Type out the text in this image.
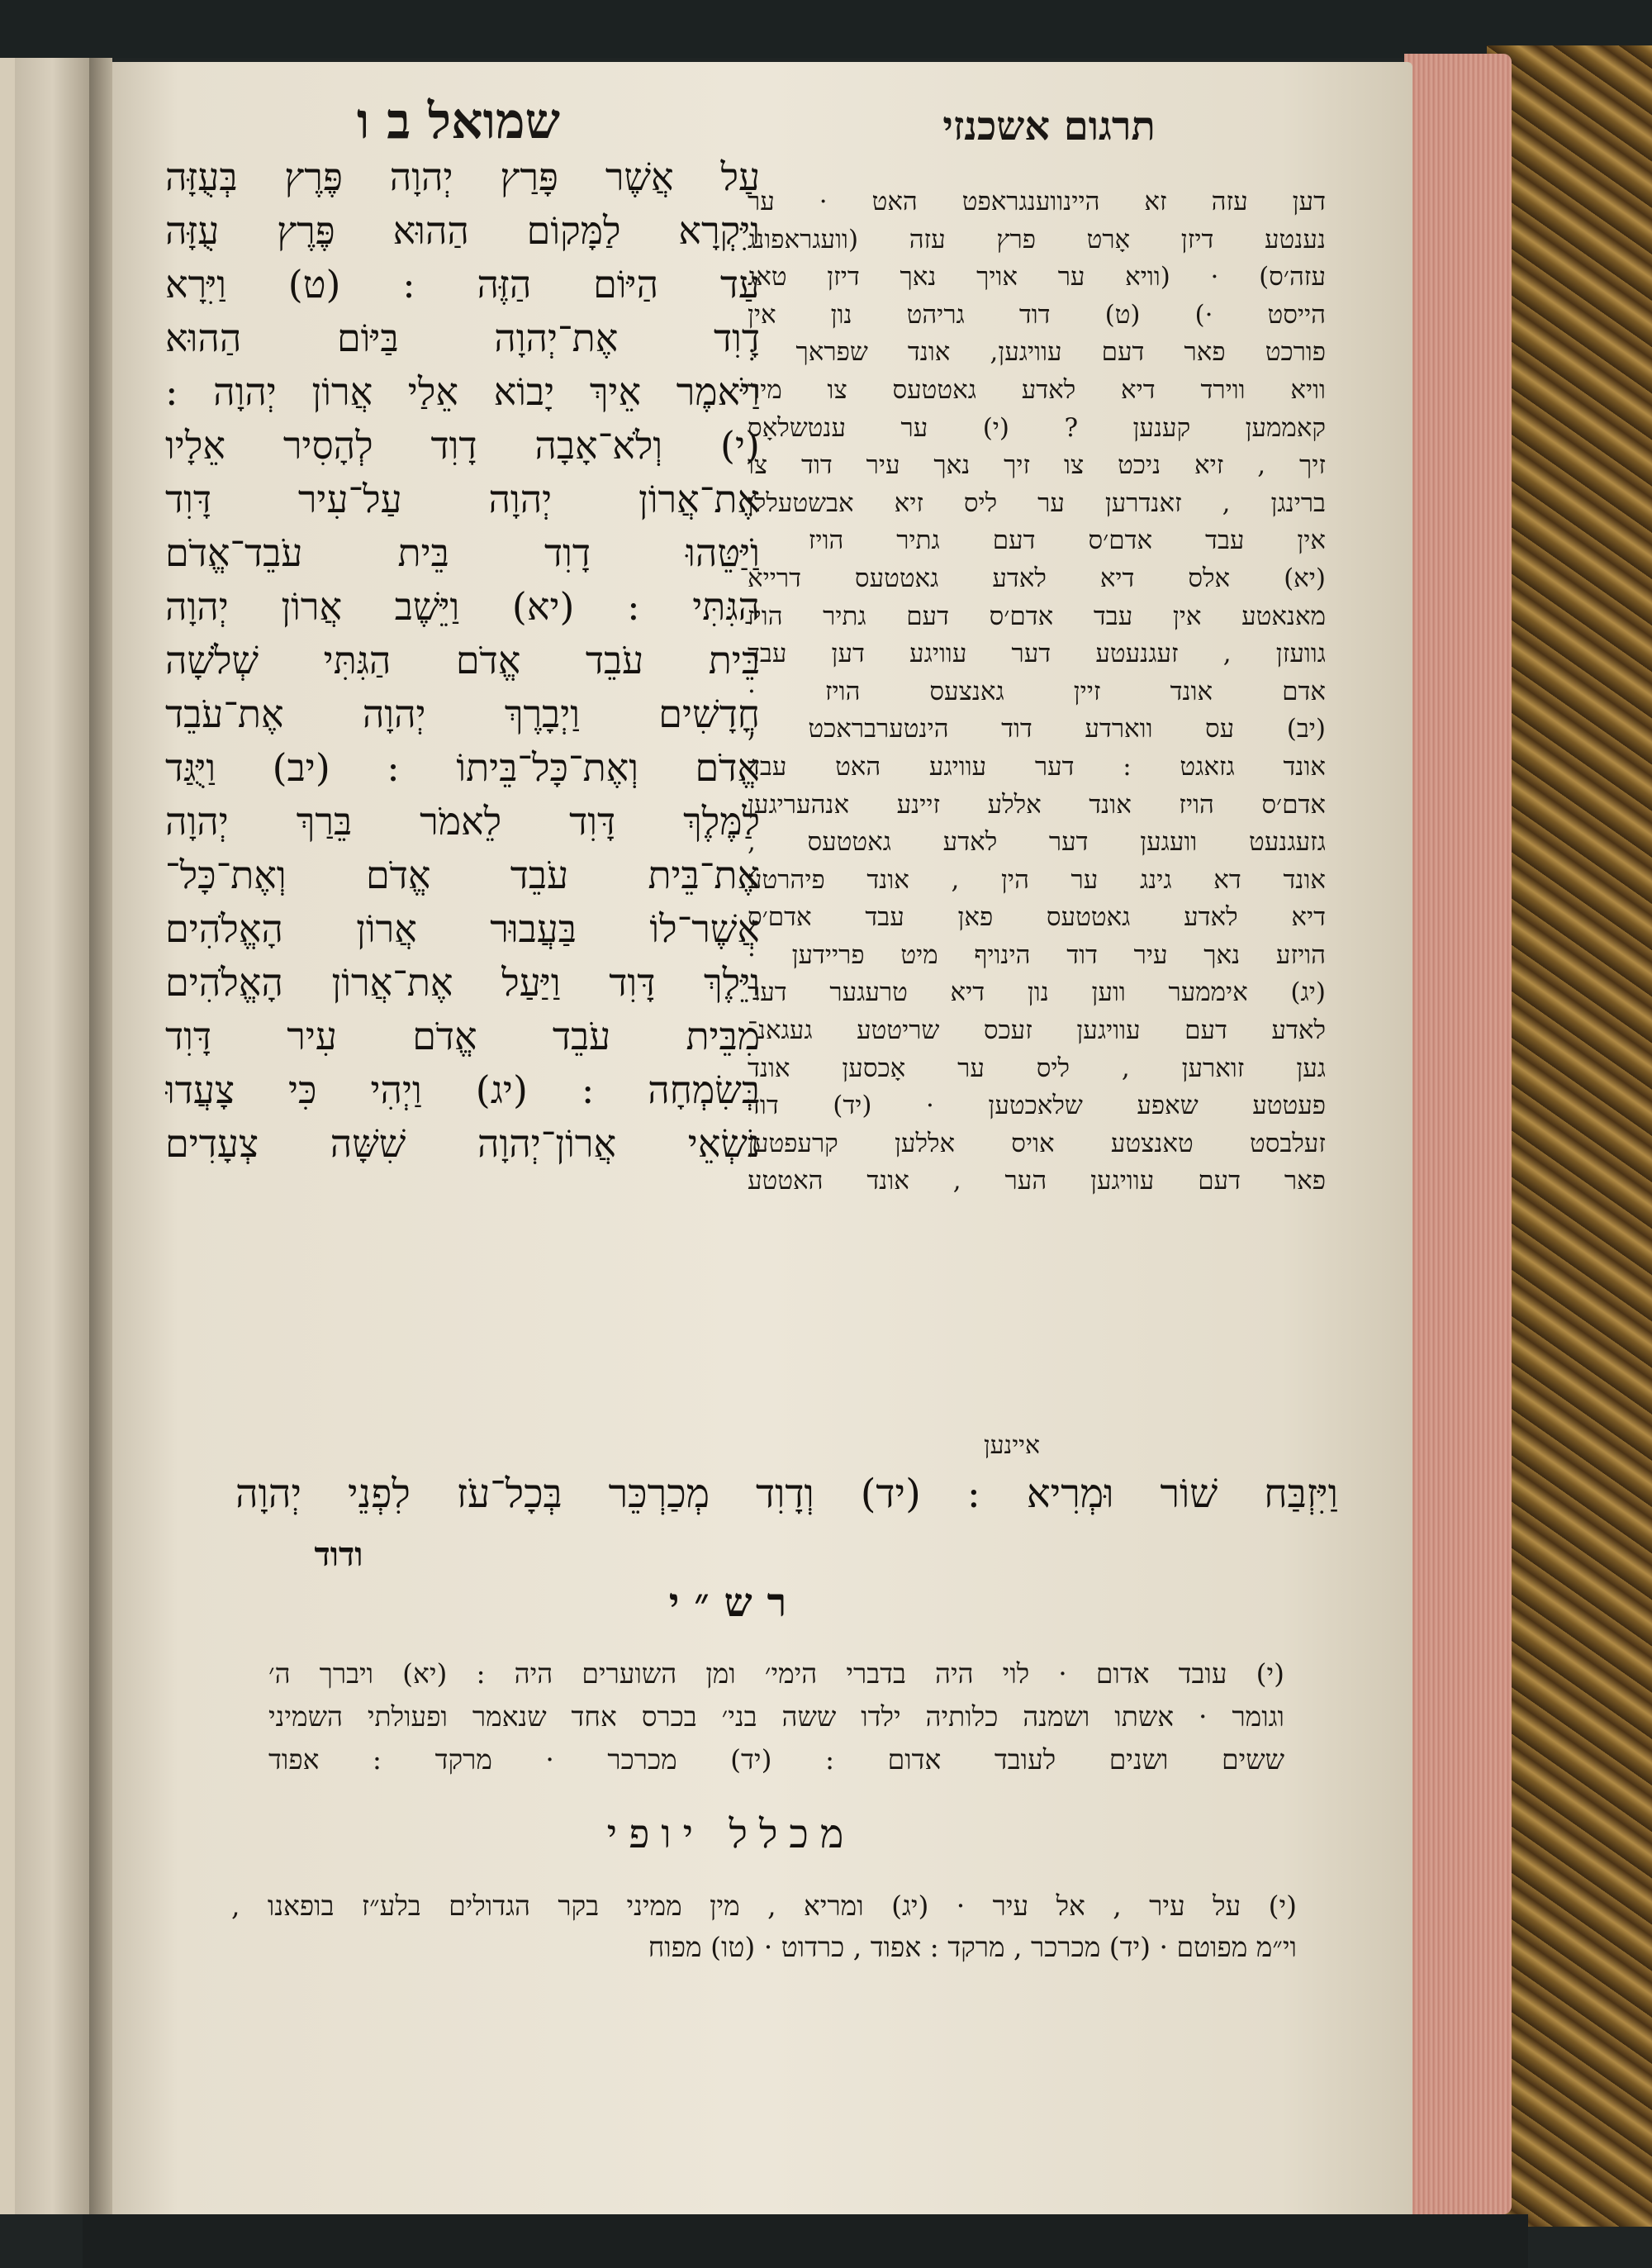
שמואל ב ו	תרגום אשכנזי
עַל אֲשֶׁר פָּרַץ יְהוָה פֶּרֶץ בְּעֻזָּה
וַיִּקְרָא לַמָּקוֹם הַהוּא פֶּרֶץ עֻזָּה
עַד הַיּוֹם הַזֶּה : (ט) וַיִּרָא
דָוִד אֶת־יְהוָה בַּיּוֹם הַהוּא
וַיֹּאמֶר אֵיךְ יָבוֹא אֵלַי אֲרוֹן יְהוָה :
(י) וְלֹא־אָבָה דָוִד לְהָסִיר אֵלָיו
אֶת־אֲרוֹן יְהוָה עַל־עִיר דָּוִד
וַיַּטֵּהוּ דָוִד בֵּית עֹבֵד־אֱדֹם
הַגִּתִּי : (יא) וַיֵּשֶׁב אֲרוֹן יְהוָה
בֵּית עֹבֵד אֱדֹם הַגִּתִּי שְׁלֹשָׁה
חֳדָשִׁים וַיְבָרֶךְ יְהוָה אֶת־עֹבֵד
אֱדֹם וְאֶת־כָּל־בֵּיתוֹ : (יב) וַיֻּגַּד
לַמֶּלֶךְ דָּוִד לֵאמֹר בֵּרַךְ יְהוָה
אֶת־בֵּית עֹבֵד אֱדֹם וְאֶת־כָּל־
אֲשֶׁר־לוֹ בַּעֲבוּר אֲרוֹן הָאֱלֹהִים
וַיֵּלֶךְ דָּוִד וַיַּעַל אֶת־אֲרוֹן הָאֱלֹהִים
מִבֵּית עֹבֵד אֱדֹם עִיר דָּוִד
בְּשִׂמְחָה : (יג) וַיְהִי כִּי צָעֲדוּ
נֹשְׂאֵי אֲרוֹן־יְהוָה שִׁשָּׁה צְעָדִים
דען עזה זא היינווענגראפט האט · ער
נענטע דיזן אָרט פרץ עזה (וועגראפונג
עזה׳ס) · (וויא ער אויך נאך דיזן טאג
הייסט ·) (ט) דוד גריהט נון אין
פורכט פאר דעם עוויגען, אונד שפראך :
וויא ווירד דיא לאדע גאטטעס צו מיר
קאממען קענען ? (י) ער ענטשלאָס
זיך , זיא ניכט צו זיך נאך עיר דוד צו
ברינגן , זאנדרען ער ליס זיא אבשטעללן
אין עבד אדם׳ס דעם גתיר הויז ·
(יא) אלס דיא לאדע גאטטעס דרייא
מאנאטע אין עבד אדם׳ס דעם גתיר הויז
גוועזן , זעגנעטע דער עוויגע דען עבד
אדם אונד זיין גאנצעס הויז ·
(יב) עס ווארדע דוד הינטערבראכט ,
אונד גזאגט : דער עוויגע האט עבד
אדם׳ס הויז אונד אללע זיינע אנהעריגען
גזעגנעט וועגען דער לאדע גאטטעס ,
אונד דא גינג ער הין , אונד פיהרטע
דיא לאדע גאטטעס פאן עבד אדם׳ס
הויזע נאך עיר דוד הינויף מיט פריידען ·
(יג) איממער ווען נון דיא טרעגער דער
לאדע דעם עוויגען זעכס שריטטע געגאנ־
גען זוארען , ליס ער אָכסען אונד
פעטטע שאפע שלאכטען · (יד) דוד
זעלבסט טאנצטע אויס אללען קרעפטען
פאר דעם עוויגען הער , אונד האטטע
איינען
וַיִּזְבַּח שׁוֹר וּמְרִיא : (יד) וְדָוִד מְכַרְכֵּר בְּכָל־עֹז לִפְנֵי יְהוָה
ודוד
רש״י
(י) עובד אדום · לוי היה בדברי הימי׳ ומן השוערים היה : (יא) ויברך ה׳
וגומר · אשתו ושמנה כלותיה ילדו ששה בני׳ בכרס אחד שנאמר ופעולתי השמיני
ששים ושנים לעובד אדום : (יד) מכרכר · מרקד : אפוד
מכלל יופי
(י) על עיר , אל עיר · (יג) ומריא , מין ממיני בקר הגדולים בלע״ז בופאנו ,
וי״מ מפוטם · (יד) מכרכר , מרקד : אפוד , כרדוט · (טו) מפוח
